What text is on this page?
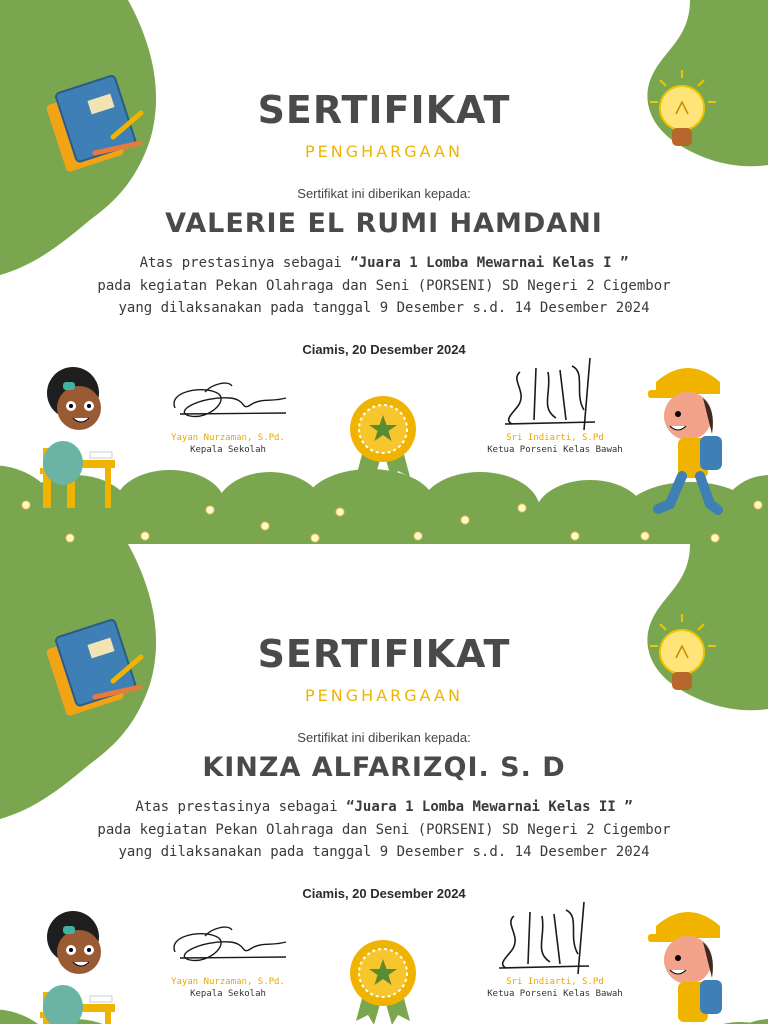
SERTIFIKAT

PENGHARGAAN

Sertifikat ini diberikan kepada:

VALERIE EL RUMI HAMDANI

Atas prestasinya sebagai “Juara 1 Lomba Mewarnai Kelas I ”

pada kegiatan Pekan Olahraga dan Seni (PORSENI) SD Negeri 2 Cigembor

yang dilaksanakan pada tanggal 9 Desember s.d. 14 Desember 2024

Ciamis, 20 Desember 2024

Yayan Nurzaman, S.Pd.

Kepala Sekolah

Sri Indiarti, S.Pd

Ketua Porseni Kelas Bawah

SERTIFIKAT

PENGHARGAAN

Sertifikat ini diberikan kepada:

KINZA ALFARIZQI. S. D

Atas prestasinya sebagai “Juara 1 Lomba Mewarnai Kelas II ”

pada kegiatan Pekan Olahraga dan Seni (PORSENI) SD Negeri 2 Cigembor

yang dilaksanakan pada tanggal 9 Desember s.d. 14 Desember 2024

Ciamis, 20 Desember 2024

Yayan Nurzaman, S.Pd.

Kepala Sekolah

Sri Indiarti, S.Pd

Ketua Porseni Kelas Bawah
